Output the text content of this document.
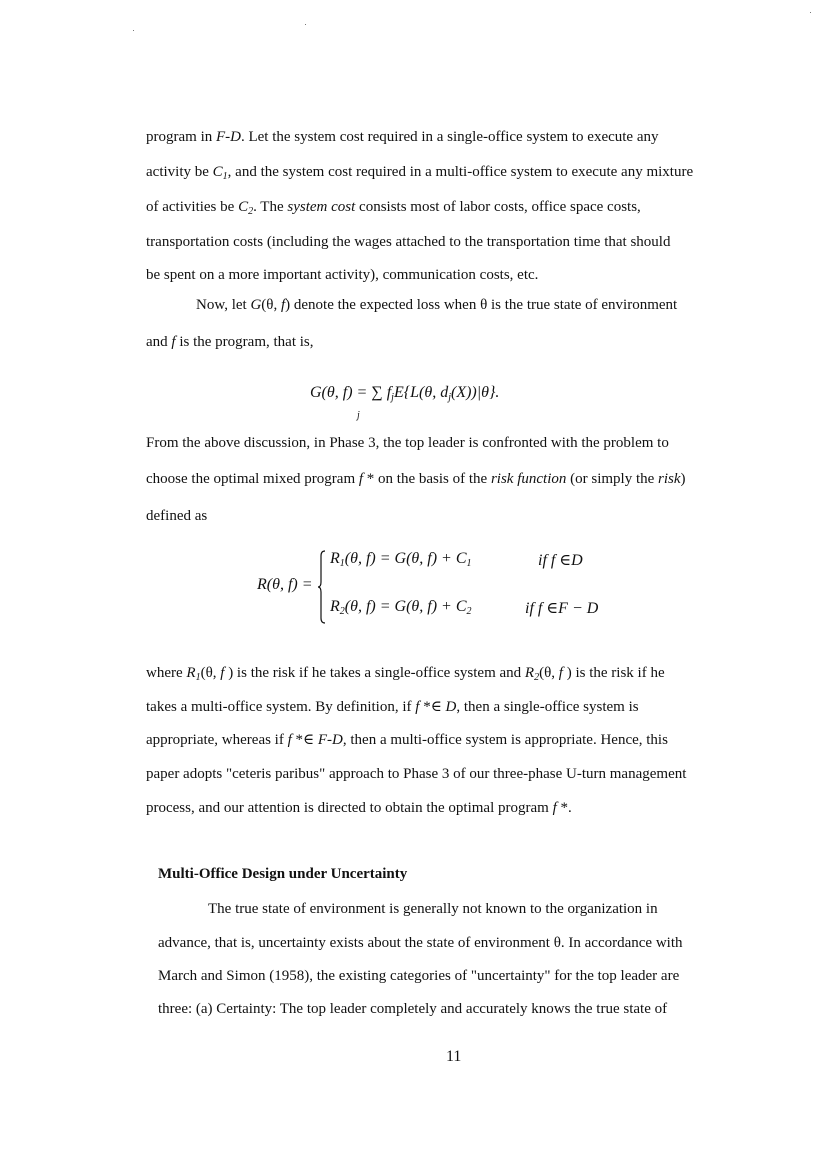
program in F-D. Let the system cost required in a single-office system to execute any
activity be $C_1$, and the system cost required in a multi-office system to execute any mixture
of activities be $C_2$. The system cost consists most of labor costs, office space costs,
transportation costs (including the wages attached to the transportation time that should
be spent on a more important activity), communication costs, etc.
Now, let G(θ, f) denote the expected loss when θ is the true state of environment
and f is the program, that is,
G(θ, f) = ∑ $f_jE\{L(\theta$, $d_j(X))|\theta$}.
j
From the above discussion, in Phase 3, the top leader is confronted with the problem to
choose the optimal mixed program f * on the basis of the risk function (or simply the risk)
defined as
R(θ, f) =
$R_1(\theta$, f) = G(θ, $f) + C_1$	if f ∈D
$R_2(\theta$, f) = G(θ, $f) + C_2$	if f ∈F − D
where $R_1(\theta$, f ) is the risk if he takes a single-office system and $R_2(\theta$, f ) is the risk if he
takes a multi-office system. By definition, if f *∈ D, then a single-office system is
appropriate, whereas if f *∈ F-D, then a multi-office system is appropriate. Hence, this
paper adopts "ceteris paribus" approach to Phase 3 of our three-phase U-turn management
process, and our attention is directed to obtain the optimal program f *.
Multi-Office Design under Uncertainty
The true state of environment is generally not known to the organization in
advance, that is, uncertainty exists about the state of environment θ. In accordance with
March and Simon (1958), the existing categories of "uncertainty" for the top leader are
three: (a) Certainty: The top leader completely and accurately knows the true state of
11
